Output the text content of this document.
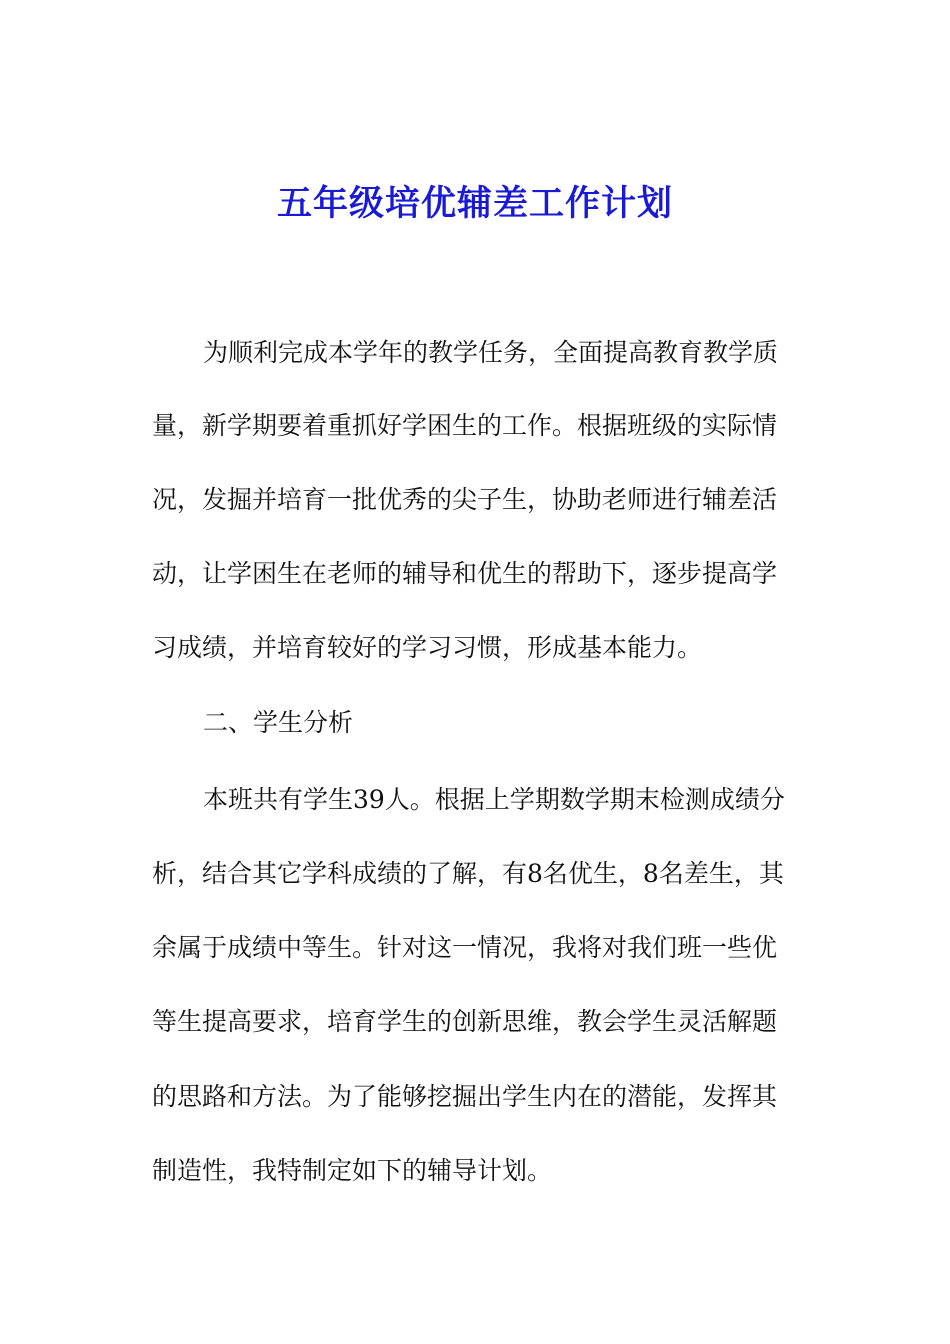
五年级培优辅差工作计划
为顺利完成本学年的教学任务，全面提高教育教学质
量，新学期要着重抓好学困生的工作。根据班级的实际情
况，发掘并培育一批优秀的尖子生，协助老师进行辅差活
动，让学困生在老师的辅导和优生的帮助下，逐步提高学
习成绩，并培育较好的学习习惯，形成基本能力。
二、学生分析
本班共有学生39人。根据上学期数学期末检测成绩分
析，结合其它学科成绩的了解，有8名优生，8名差生，其
余属于成绩中等生。针对这一情况，我将对我们班一些优
等生提高要求，培育学生的创新思维，教会学生灵活解题
的思路和方法。为了能够挖掘出学生内在的潜能，发挥其
制造性，我特制定如下的辅导计划。
